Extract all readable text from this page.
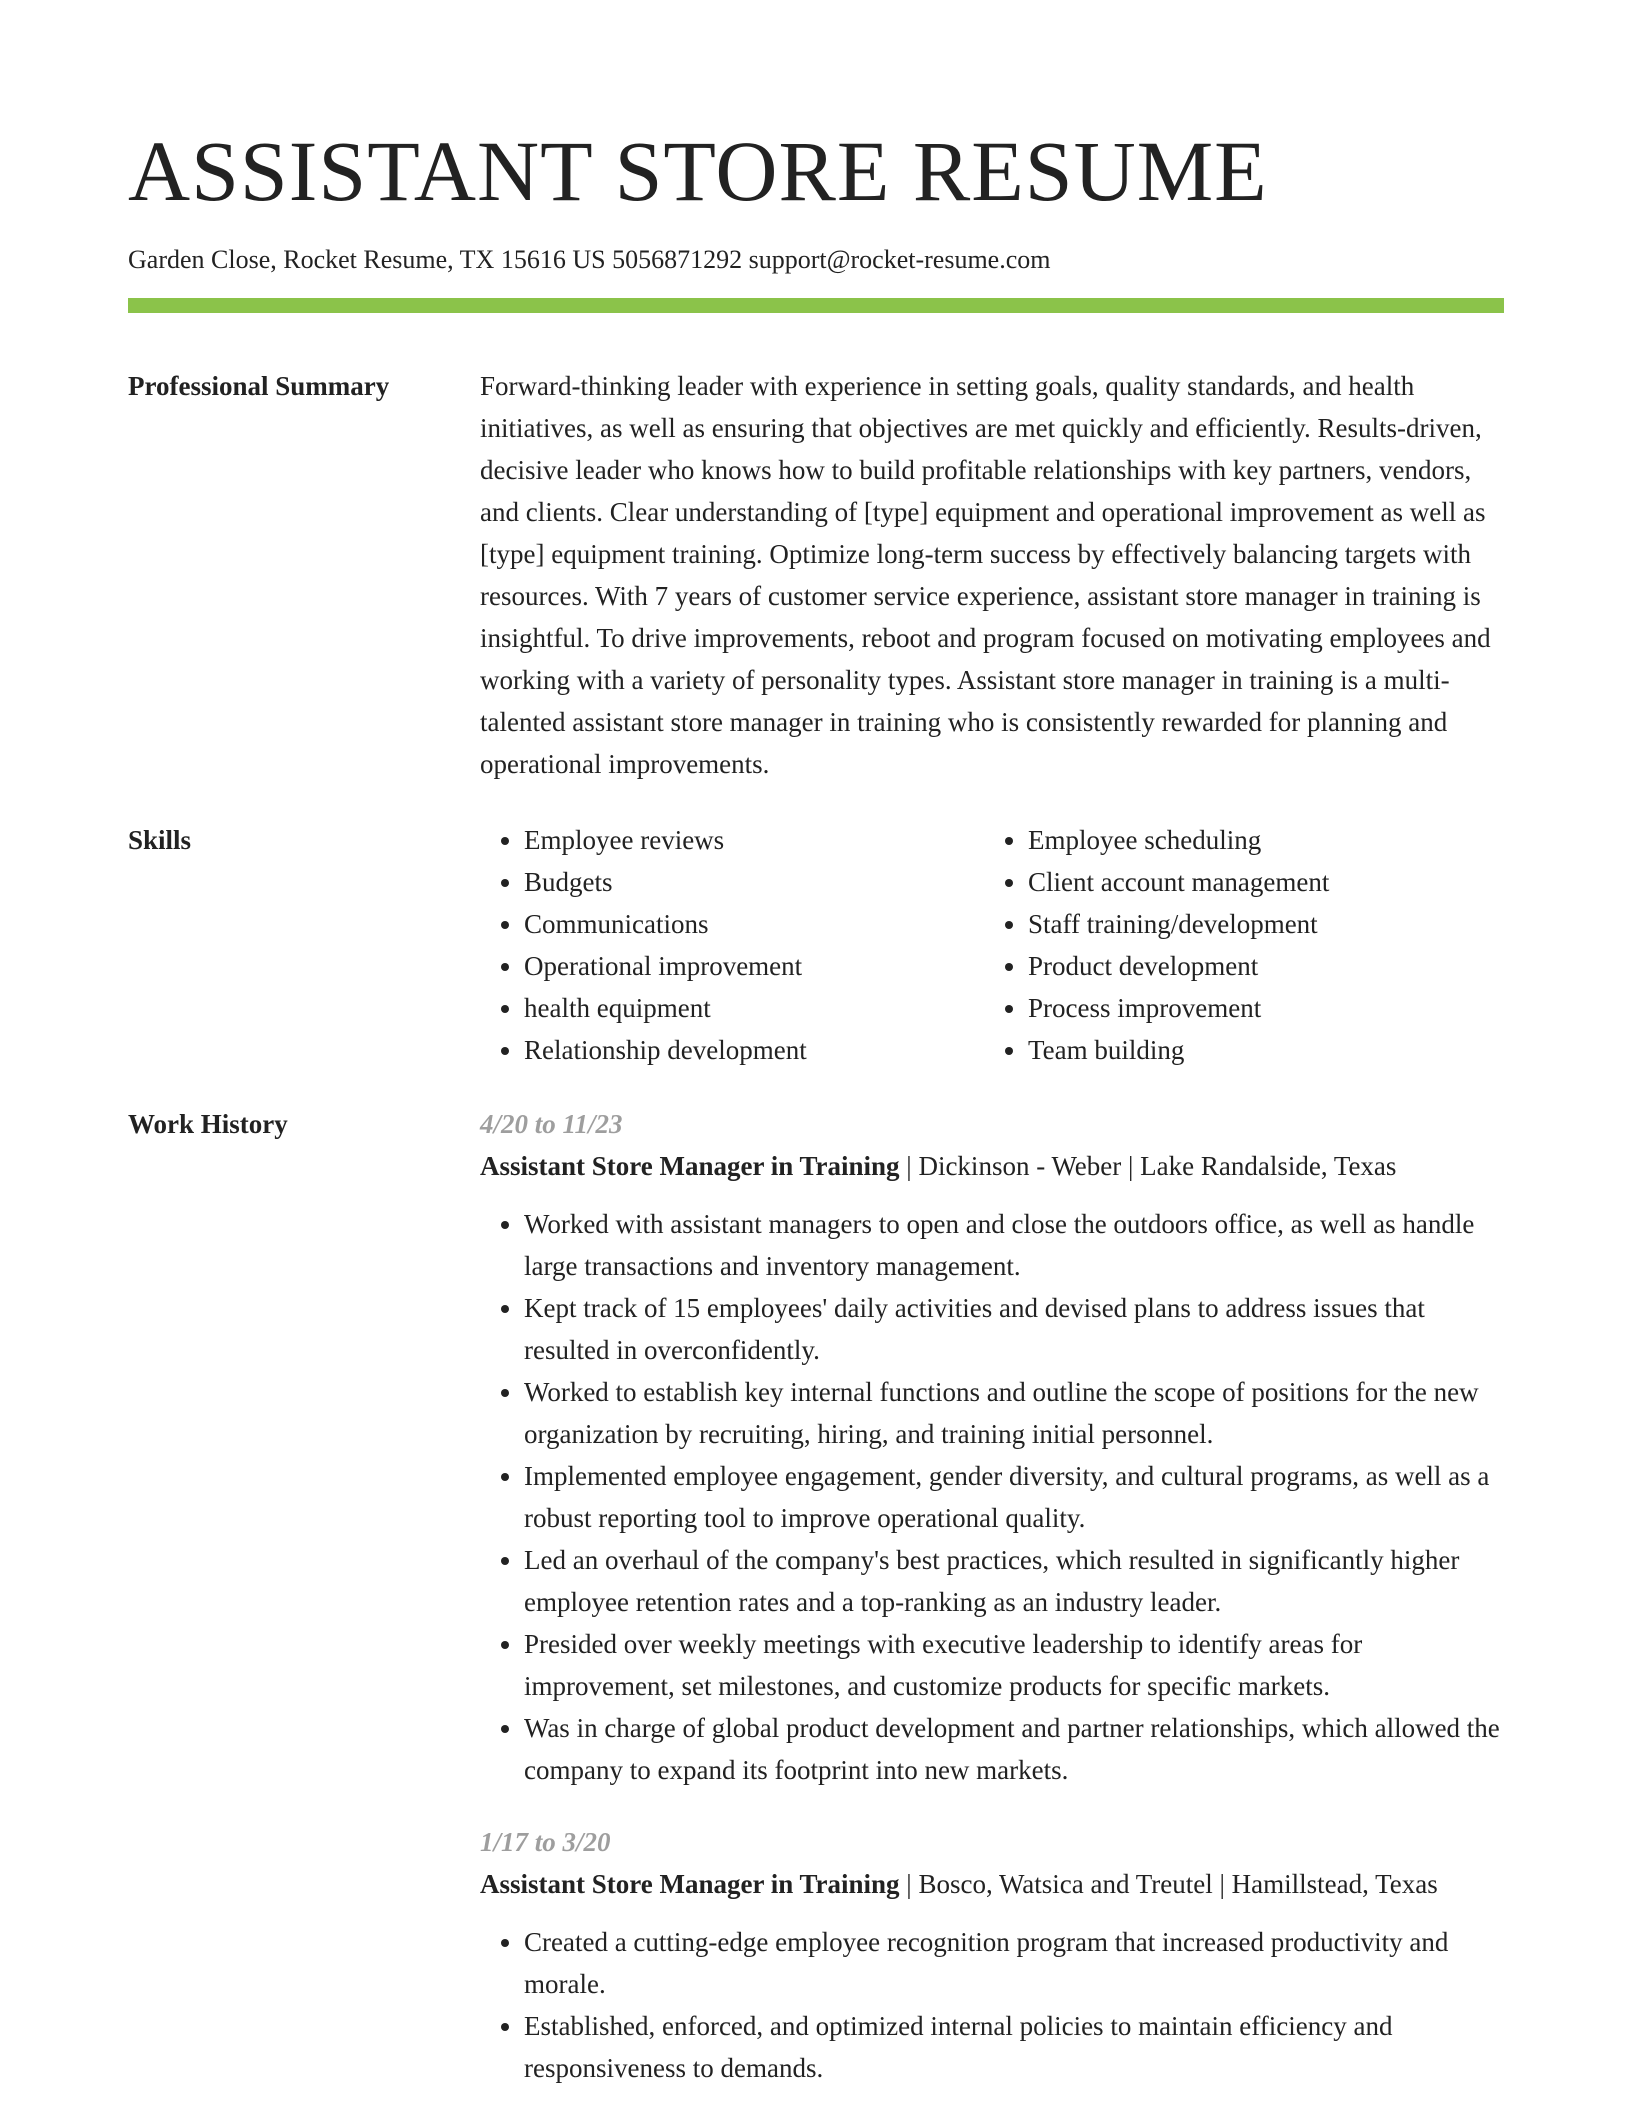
ASSISTANT STORE RESUME
Garden Close, Rocket Resume, TX 15616 US 5056871292 support@rocket-resume.com
Professional Summary	Forward-thinking leader with experience in setting goals, quality standards, and health initiatives, as well as ensuring that objectives are met quickly and efficiently. Results-driven, decisive leader who knows how to build profitable relationships with key partners, vendors, and clients. Clear understanding of [type] equipment and operational improvement as well as [type] equipment training. Optimize long-term success by effectively balancing targets with resources. With 7 years of customer service experience, assistant store manager in training is insightful. To drive improvements, reboot and program focused on motivating employees and working with a variety of personality types. Assistant store manager in training is a multi-talented assistant store manager in training who is consistently rewarded for planning and operational improvements.

Skills
•	Employee reviews
• Budgets
• Communications
• Operational improvement
• health equipment
• Relationship development
• Employee scheduling
• Client account management
• Staff training/development
• Product development
• Process improvement
• Team building
Work History	4/20 to 11/23
Assistant Store Manager in Training | Dickinson - Weber | Lake Randalside, Texas
• Worked with assistant managers to open and close the outdoors office, as well as handle large transactions and inventory management.
• Kept track of 15 employees' daily activities and devised plans to address issues that resulted in overconfidently.
• Worked to establish key internal functions and outline the scope of positions for the new organization by recruiting, hiring, and training initial personnel.
• Implemented employee engagement, gender diversity, and cultural programs, as well as a robust reporting tool to improve operational quality.
• Led an overhaul of the company's best practices, which resulted in significantly higher employee retention rates and a top-ranking as an industry leader.
• Presided over weekly meetings with executive leadership to identify areas for improvement, set milestones, and customize products for specific markets.
• Was in charge of global product development and partner relationships, which allowed the company to expand its footprint into new markets.
1/17 to 3/20
Assistant Store Manager in Training | Bosco, Watsica and Treutel | Hamillstead, Texas
• Created a cutting-edge employee recognition program that increased productivity and morale.
• Established, enforced, and optimized internal policies to maintain efficiency and responsiveness to demands.
